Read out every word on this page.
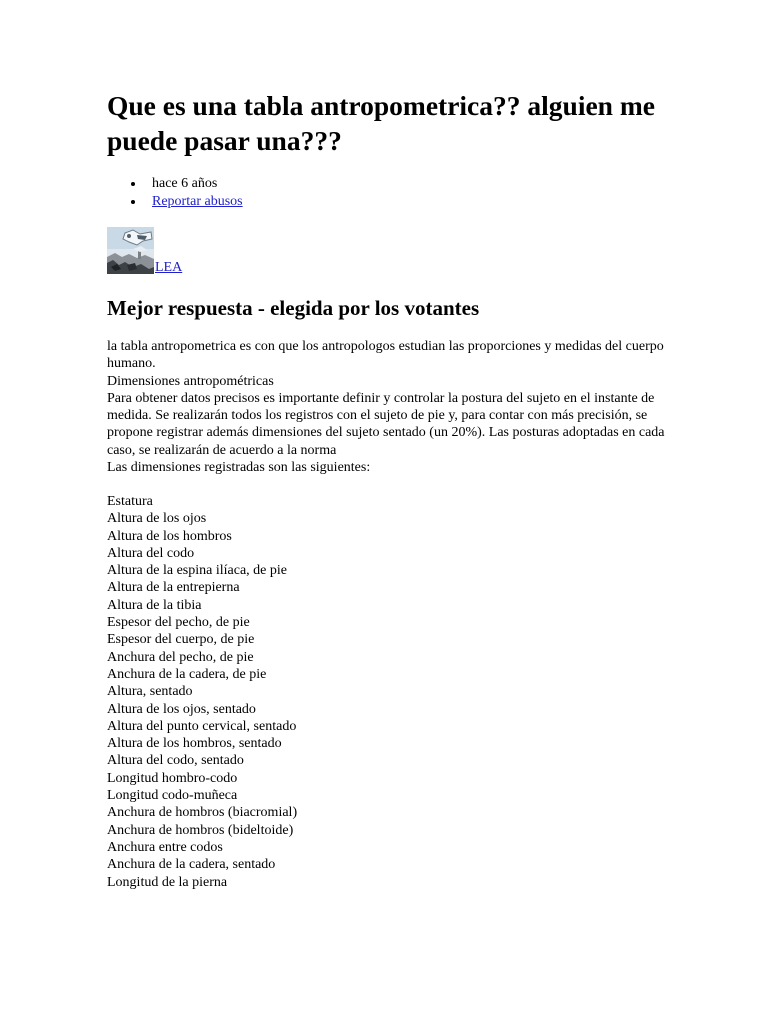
Que es una tabla antropometrica?? alguien me puede pasar una???
hace 6 años
Reportar abusos
LEA
Mejor respuesta - elegida por los votantes

la tabla antropometrica es con que los antropologos estudian las proporciones y medidas del cuerpo humano.

Dimensiones antropométricas

Para obtener datos precisos es importante definir y controlar la postura del sujeto en el instante de medida. Se realizarán todos los registros con el sujeto de pie y, para contar con más precisión, se propone registrar además dimensiones del sujeto sentado (un 20%). Las posturas adoptadas en cada caso, se realizarán de acuerdo a la norma

Las dimensiones registradas son las siguientes:

Estatura
Altura de los ojos
Altura de los hombros
Altura del codo
Altura de la espina ilíaca, de pie
Altura de la entrepierna
Altura de la tibia
Espesor del pecho, de pie
Espesor del cuerpo, de pie
Anchura del pecho, de pie
Anchura de la cadera, de pie
Altura, sentado
Altura de los ojos, sentado
Altura del punto cervical, sentado
Altura de los hombros, sentado
Altura del codo, sentado
Longitud hombro-codo
Longitud codo-muñeca
Anchura de hombros (biacromial)
Anchura de hombros (bideltoide)
Anchura entre codos
Anchura de la cadera, sentado
Longitud de la pierna
